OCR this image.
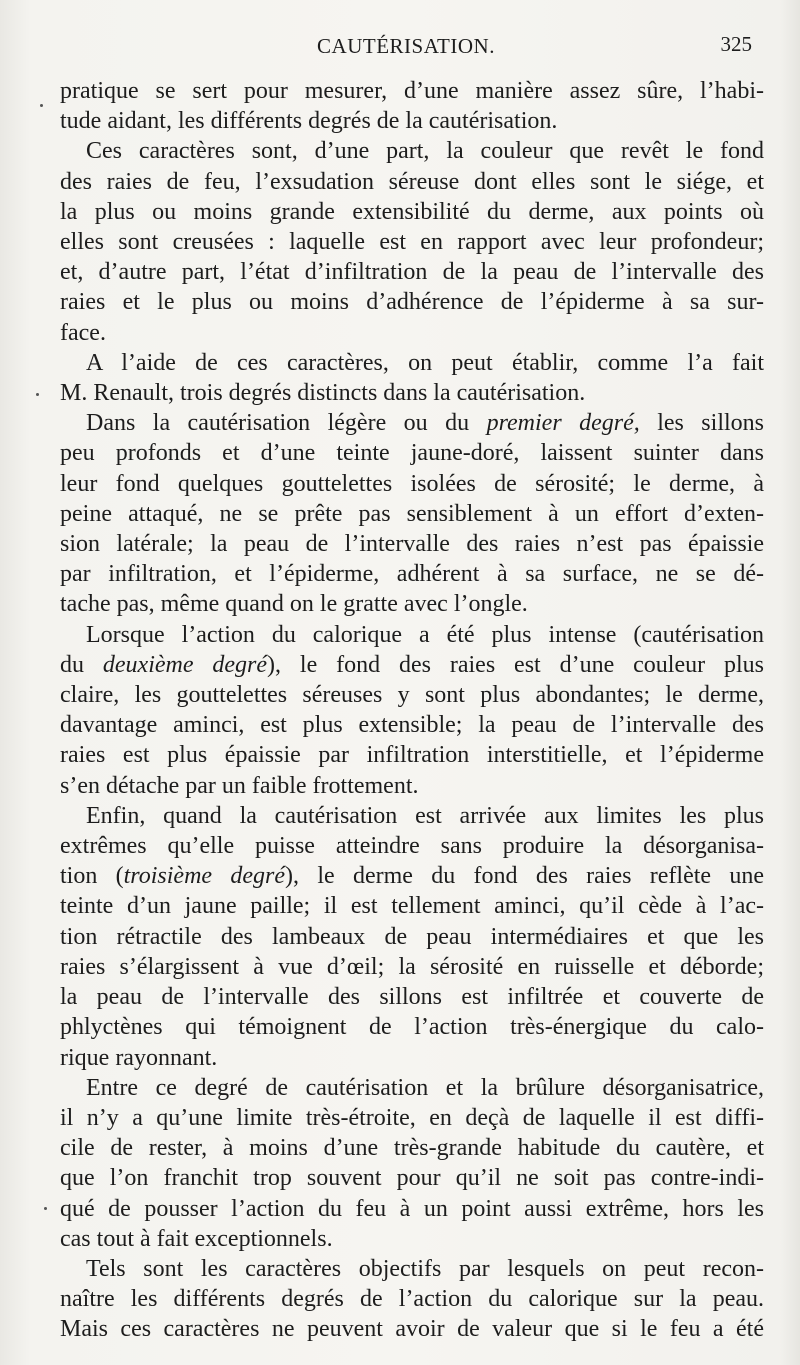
CAUTÉRISATION.	325
pratique se sert pour mesurer, d’une manière assez sûre, l’habi-
tude aidant, les différents degrés de la cautérisation.
Ces caractères sont, d’une part, la couleur que revêt le fond
des raies de feu, l’exsudation séreuse dont elles sont le siége, et
la plus ou moins grande extensibilité du derme, aux points où
elles sont creusées : laquelle est en rapport avec leur profondeur;
et, d’autre part, l’état d’infiltration de la peau de l’intervalle des
raies et le plus ou moins d’adhérence de l’épiderme à sa sur-
face.
A l’aide de ces caractères, on peut établir, comme l’a fait
M. Renault, trois degrés distincts dans la cautérisation.
Dans la cautérisation légère ou du premier degré, les sillons
peu profonds et d’une teinte jaune-doré, laissent suinter dans
leur fond quelques gouttelettes isolées de sérosité; le derme, à
peine attaqué, ne se prête pas sensiblement à un effort d’exten-
sion latérale; la peau de l’intervalle des raies n’est pas épaissie
par infiltration, et l’épiderme, adhérent à sa surface, ne se dé-
tache pas, même quand on le gratte avec l’ongle.
Lorsque l’action du calorique a été plus intense (cautérisation
du deuxième degré), le fond des raies est d’une couleur plus
claire, les gouttelettes séreuses y sont plus abondantes; le derme,
davantage aminci, est plus extensible; la peau de l’intervalle des
raies est plus épaissie par infiltration interstitielle, et l’épiderme
s’en détache par un faible frottement.
Enfin, quand la cautérisation est arrivée aux limites les plus
extrêmes qu’elle puisse atteindre sans produire la désorganisa-
tion (troisième degré), le derme du fond des raies reflète une
teinte d’un jaune paille; il est tellement aminci, qu’il cède à l’ac-
tion rétractile des lambeaux de peau intermédiaires et que les
raies s’élargissent à vue d’œil; la sérosité en ruisselle et déborde;
la peau de l’intervalle des sillons est infiltrée et couverte de
phlyctènes qui témoignent de l’action très-énergique du calo-
rique rayonnant.
Entre ce degré de cautérisation et la brûlure désorganisatrice,
il n’y a qu’une limite très-étroite, en deçà de laquelle il est diffi-
cile de rester, à moins d’une très-grande habitude du cautère, et
que l’on franchit trop souvent pour qu’il ne soit pas contre-indi-
qué de pousser l’action du feu à un point aussi extrême, hors les
cas tout à fait exceptionnels.
Tels sont les caractères objectifs par lesquels on peut recon-
naître les différents degrés de l’action du calorique sur la peau.
Mais ces caractères ne peuvent avoir de valeur que si le feu a été
